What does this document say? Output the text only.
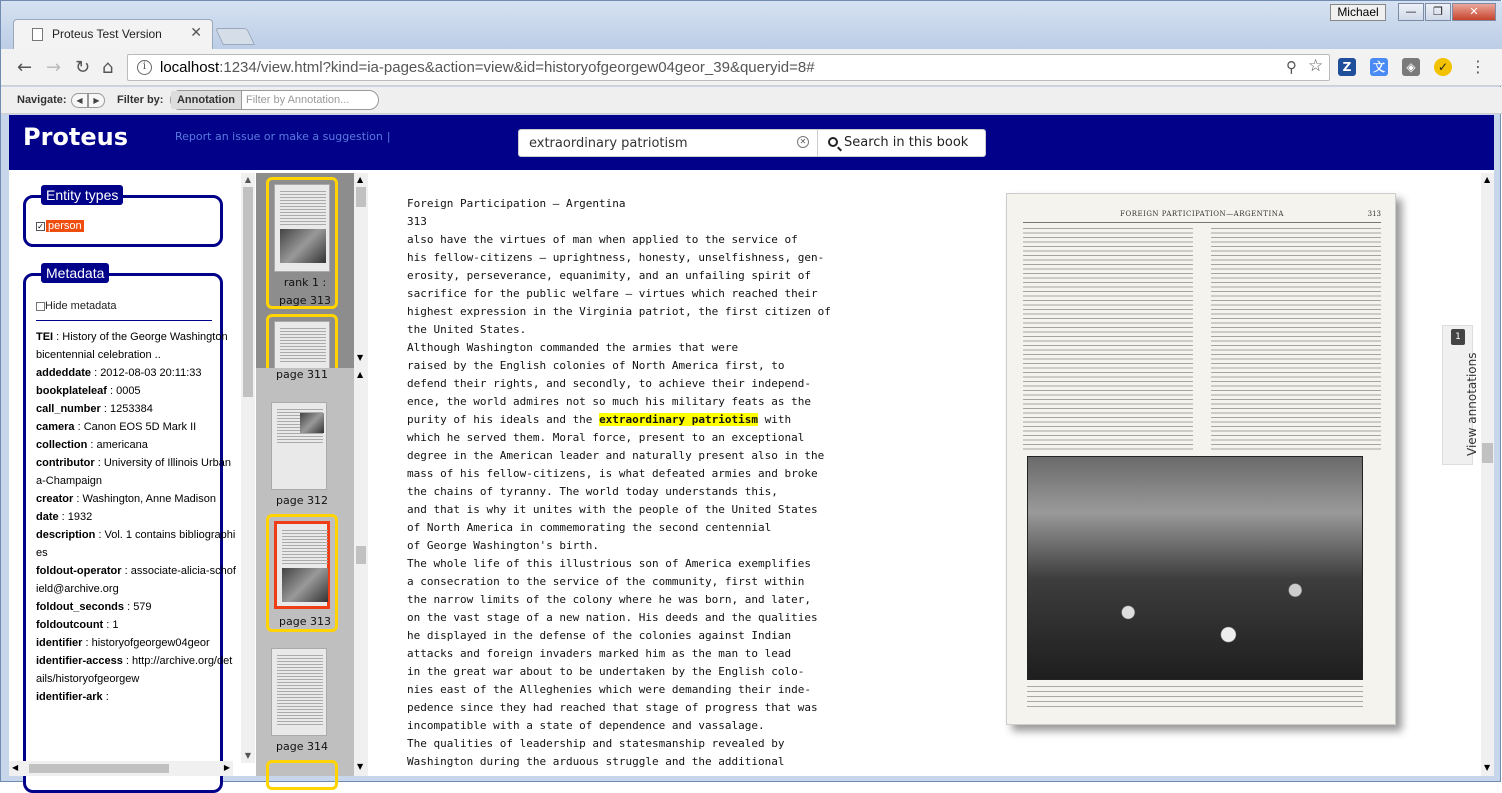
Proteus Test Version ✕
Michael	—	❐	✕
← → ↻ ⌂	i localhost:1234/view.html?kind=ia-pages&action=view&id=historyofgeorgew04geor_39&queryid=8#	⚲ ☆	Z	文	◈	✓ ⋮
Navigate:	◀	▶	Filter by:	Annotation Filter by Annotation...
Proteus	Report an issue or make a suggestion |
extraordinary patriotism	✕	Search in this book
Entity types
✓ person
Metadata
Hide metadata
TEI : History of the George Washington bicentennial celebration ..
addeddate : 2012-08-03 20:11:33
bookplateleaf : 0005
call_number : 1253384
camera : Canon EOS 5D Mark II
collection : americana
contributor : University of Illinois Urbana-Champaign
creator : Washington, Anne Madison
date : 1932
description : Vol. 1 contains bibliographies
foldout-operator : associate-alicia-schofield@archive.org
foldout_seconds : 579
foldoutcount : 1
identifier : historyofgeorgew04geor
identifier-access : http://archive.org/details/historyofgeorgew
identifier-ark :
▲
▼
rank 1 : page 313
▲
▼
page 311
page 312
page 313
page 314
▲
▼
Foreign Participation — Argentina
313
also have the virtues of man when applied to the service of
his fellow-citizens — uprightness, honesty, unselfishness, gen-
erosity, perseverance, equanimity, and an unfailing spirit of
sacrifice for the public welfare — virtues which reached their
highest expression in the Virginia patriot, the first citizen of
the United States.
Although Washington commanded the armies that were
raised by the English colonies of North America first, to
defend their rights, and secondly, to achieve their independ-
ence, the world admires not so much his military feats as the
purity of his ideals and the extraordinary patriotism with
which he served them. Moral force, present to an exceptional
degree in the American leader and naturally present also in the
mass of his fellow-citizens, is what defeated armies and broke
the chains of tyranny. The world today understands this,
and that is why it unites with the people of the United States
of North America in commemorating the second centennial
of George Washington's birth.
The whole life of this illustrious son of America exemplifies
a consecration to the service of the community, first within
the narrow limits of the colony where he was born, and later,
on the vast stage of a new nation. His deeds and the qualities
he displayed in the defense of the colonies against Indian
attacks and foreign invaders marked him as the man to lead
in the great war about to be undertaken by the English colo-
nies east of the Alleghenies which were demanding their inde-
pedence since they had reached that stage of progress that was
incompatible with a state of dependence and vassalage.
The qualities of leadership and statesmanship revealed by
Washington during the arduous struggle and the additional
FOREIGN PARTICIPATION—ARGENTINA	313
1
View annotations
▲
▼
◀	▶
